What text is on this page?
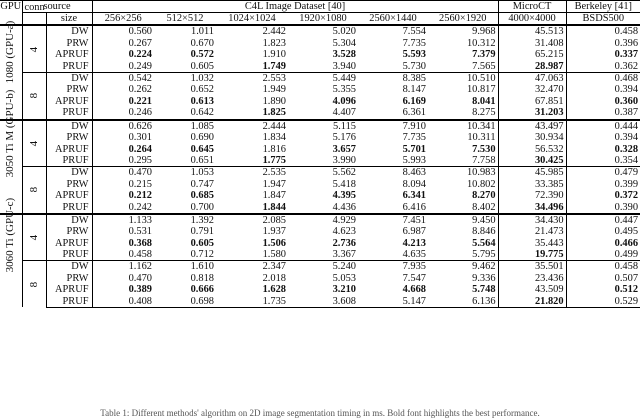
GPU	source		C4L Image Dataset [40]						MicroCT	Berkeley [41]
	conn	size	256×256	512×512	1024×1024	1920×1080	2560×1440	2560×1920	4000×4000	BSDS500

1080 (GPU-a)	4	DW	0.560	1.011	2.442	5.020	7.554	9.968	45.513	0.458
		PRW	0.267	0.670	1.823	5.304	7.735	10.312	31.408	0.396
		APRUF	0.224	0.572	1.910	3.528	5.593	7.379	65.215	0.337
		PRUF	0.249	0.605	1.749	3.940	5.730	7.565	28.987	0.362

	8	DW	0.542	1.032	2.553	5.449	8.385	10.510	47.063	0.468
		PRW	0.262	0.652	1.949	5.355	8.147	10.817	32.470	0.394
		APRUF	0.221	0.613	1.890	4.096	6.169	8.041	67.851	0.360
		PRUF	0.246	0.642	1.825	4.407	6.361	8.275	31.203	0.387

3050 Ti M (GPU-b)	4	DW	0.626	1.085	2.444	5.115	7.910	10.341	43.497	0.444
		PRW	0.301	0.690	1.834	5.176	7.735	10.311	30.934	0.394
		APRUF	0.264	0.645	1.816	3.657	5.701	7.530	56.532	0.328
		PRUF	0.295	0.651	1.775	3.990	5.993	7.758	30.425	0.354

	8	DW	0.470	1.053	2.535	5.562	8.463	10.983	45.985	0.479
		PRW	0.215	0.747	1.947	5.418	8.094	10.802	33.385	0.399
		APRUF	0.212	0.685	1.847	4.395	6.341	8.270	72.390	0.372
		PRUF	0.242	0.700	1.844	4.436	6.416	8.402	34.496	0.390

3060 Ti (GPU-c)	4	DW	1.133	1.392	2.085	4.929	7.451	9.450	34.430	0.447
		PRW	0.531	0.791	1.937	4.623	6.987	8.846	21.473	0.495
		APRUF	0.368	0.605	1.506	2.736	4.213	5.564	35.443	0.466
		PRUF	0.458	0.712	1.580	3.367	4.635	5.795	19.775	0.499

	8	DW	1.162	1.610	2.347	5.240	7.935	9.462	35.501	0.458
		PRW	0.470	0.818	2.018	5.053	7.547	9.336	23.436	0.507
		APRUF	0.389	0.666	1.628	3.210	4.668	5.748	43.509	0.512
		PRUF	0.408	0.698	1.735	3.608	5.147	6.136	21.820	0.529
Table 1: Different methods' algorithm on 2D image segmentation timing in ms. Bold font highlights the best performance.
